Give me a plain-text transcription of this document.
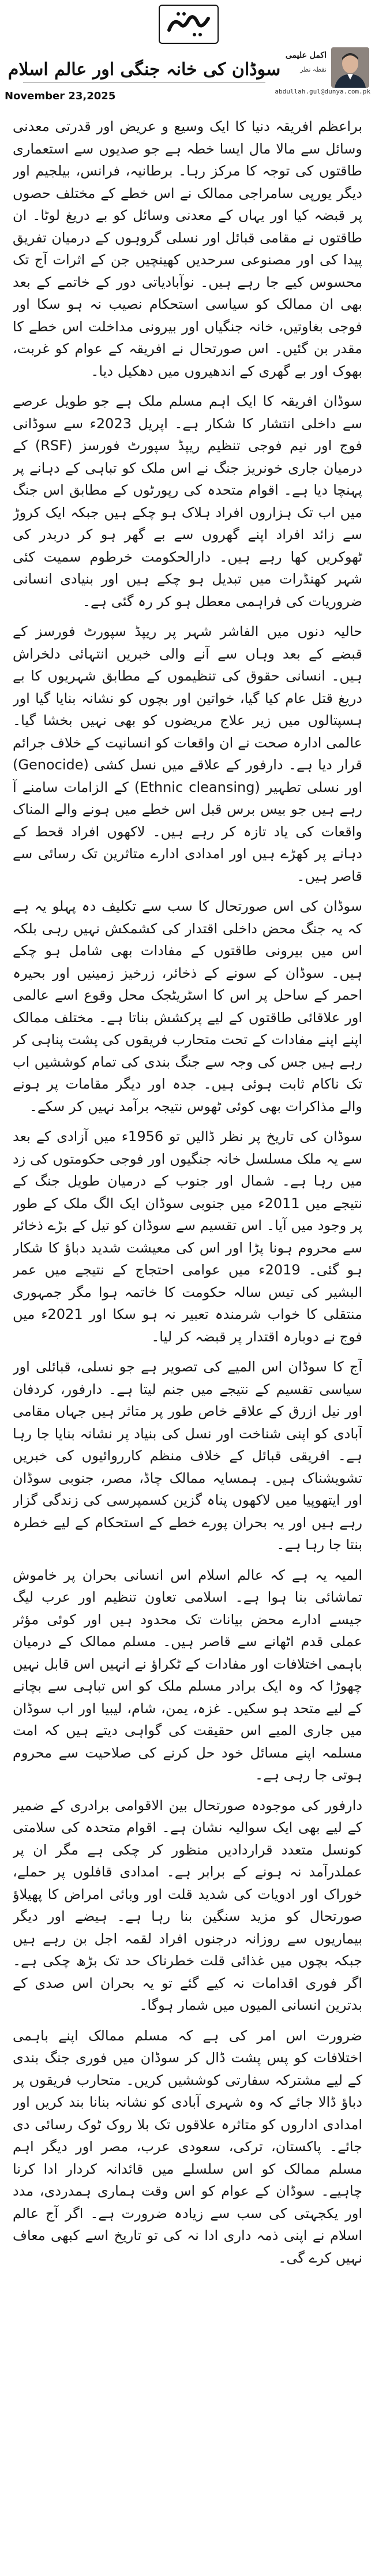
سوڈان کی خانہ جنگی اور عالم اسلام
اکمل علیمی
نقطہ نظر
abdullah.gul@dunya.com.pk
November 23,2025

براعظم افریقہ دنیا کا ایک وسیع و عریض اور قدرتی معدنی وسائل سے مالا مال ایسا خطہ ہے جو صدیوں سے استعماری طاقتوں کی توجہ کا مرکز رہا۔ برطانیہ، فرانس، بیلجیم اور دیگر یورپی سامراجی ممالک نے اس خطے کے مختلف حصوں پر قبضہ کیا اور یہاں کے معدنی وسائل کو بے دریغ لوٹا۔ ان طاقتوں نے مقامی قبائل اور نسلی گروہوں کے درمیان تفریق پیدا کی اور مصنوعی سرحدیں کھینچیں جن کے اثرات آج تک محسوس کیے جا رہے ہیں۔ نوآبادیاتی دور کے خاتمے کے بعد بھی ان ممالک کو سیاسی استحکام نصیب نہ ہو سکا اور فوجی بغاوتیں، خانہ جنگیاں اور بیرونی مداخلت اس خطے کا مقدر بن گئیں۔ اس صورتحال نے افریقہ کے عوام کو غربت، بھوک اور بے گھری کے اندھیروں میں دھکیل دیا۔

سوڈان افریقہ کا ایک اہم مسلم ملک ہے جو طویل عرصے سے داخلی انتشار کا شکار ہے۔ اپریل 2023ء سے سوڈانی فوج اور نیم فوجی تنظیم ریپڈ سپورٹ فورسز (RSF) کے درمیان جاری خونریز جنگ نے اس ملک کو تباہی کے دہانے پر پہنچا دیا ہے۔ اقوام متحدہ کی رپورٹوں کے مطابق اس جنگ میں اب تک ہزاروں افراد ہلاک ہو چکے ہیں جبکہ ایک کروڑ سے زائد افراد اپنے گھروں سے بے گھر ہو کر دربدر کی ٹھوکریں کھا رہے ہیں۔ دارالحکومت خرطوم سمیت کئی شہر کھنڈرات میں تبدیل ہو چکے ہیں اور بنیادی انسانی ضروریات کی فراہمی معطل ہو کر رہ گئی ہے۔

حالیہ دنوں میں الفاشر شہر پر ریپڈ سپورٹ فورسز کے قبضے کے بعد وہاں سے آنے والی خبریں انتہائی دلخراش ہیں۔ انسانی حقوق کی تنظیموں کے مطابق شہریوں کا بے دریغ قتل عام کیا گیا، خواتین اور بچوں کو نشانہ بنایا گیا اور ہسپتالوں میں زیر علاج مریضوں کو بھی نہیں بخشا گیا۔ عالمی ادارہ صحت نے ان واقعات کو انسانیت کے خلاف جرائم قرار دیا ہے۔ دارفور کے علاقے میں نسل کشی (Genocide) اور نسلی تطہیر (Ethnic cleansing) کے الزامات سامنے آ رہے ہیں جو بیس برس قبل اس خطے میں ہونے والے المناک واقعات کی یاد تازہ کر رہے ہیں۔ لاکھوں افراد قحط کے دہانے پر کھڑے ہیں اور امدادی ادارے متاثرین تک رسائی سے قاصر ہیں۔

سوڈان کی اس صورتحال کا سب سے تکلیف دہ پہلو یہ ہے کہ یہ جنگ محض داخلی اقتدار کی کشمکش نہیں رہی بلکہ اس میں بیرونی طاقتوں کے مفادات بھی شامل ہو چکے ہیں۔ سوڈان کے سونے کے ذخائر، زرخیز زمینیں اور بحیرہ احمر کے ساحل پر اس کا اسٹریٹجک محل وقوع اسے عالمی اور علاقائی طاقتوں کے لیے پرکشش بناتا ہے۔ مختلف ممالک اپنے اپنے مفادات کے تحت متحارب فریقوں کی پشت پناہی کر رہے ہیں جس کی وجہ سے جنگ بندی کی تمام کوششیں اب تک ناکام ثابت ہوئی ہیں۔ جدہ اور دیگر مقامات پر ہونے والے مذاکرات بھی کوئی ٹھوس نتیجہ برآمد نہیں کر سکے۔

سوڈان کی تاریخ پر نظر ڈالیں تو 1956ء میں آزادی کے بعد سے یہ ملک مسلسل خانہ جنگیوں اور فوجی حکومتوں کی زد میں رہا ہے۔ شمال اور جنوب کے درمیان طویل جنگ کے نتیجے میں 2011ء میں جنوبی سوڈان ایک الگ ملک کے طور پر وجود میں آیا۔ اس تقسیم سے سوڈان کو تیل کے بڑے ذخائر سے محروم ہونا پڑا اور اس کی معیشت شدید دباؤ کا شکار ہو گئی۔ 2019ء میں عوامی احتجاج کے نتیجے میں عمر البشیر کی تیس سالہ حکومت کا خاتمہ ہوا مگر جمہوری منتقلی کا خواب شرمندہ تعبیر نہ ہو سکا اور 2021ء میں فوج نے دوبارہ اقتدار پر قبضہ کر لیا۔

آج کا سوڈان اس المیے کی تصویر ہے جو نسلی، قبائلی اور سیاسی تقسیم کے نتیجے میں جنم لیتا ہے۔ دارفور، کردفان اور نیل ازرق کے علاقے خاص طور پر متاثر ہیں جہاں مقامی آبادی کو اپنی شناخت اور نسل کی بنیاد پر نشانہ بنایا جا رہا ہے۔ افریقی قبائل کے خلاف منظم کارروائیوں کی خبریں تشویشناک ہیں۔ ہمسایہ ممالک چاڈ، مصر، جنوبی سوڈان اور ایتھوپیا میں لاکھوں پناہ گزین کسمپرسی کی زندگی گزار رہے ہیں اور یہ بحران پورے خطے کے استحکام کے لیے خطرہ بنتا جا رہا ہے۔

المیہ یہ ہے کہ عالم اسلام اس انسانی بحران پر خاموش تماشائی بنا ہوا ہے۔ اسلامی تعاون تنظیم اور عرب لیگ جیسے ادارے محض بیانات تک محدود ہیں اور کوئی مؤثر عملی قدم اٹھانے سے قاصر ہیں۔ مسلم ممالک کے درمیان باہمی اختلافات اور مفادات کے ٹکراؤ نے انہیں اس قابل نہیں چھوڑا کہ وہ ایک برادر مسلم ملک کو اس تباہی سے بچانے کے لیے متحد ہو سکیں۔ غزہ، یمن، شام، لیبیا اور اب سوڈان میں جاری المیے اس حقیقت کی گواہی دیتے ہیں کہ امت مسلمہ اپنے مسائل خود حل کرنے کی صلاحیت سے محروم ہوتی جا رہی ہے۔

دارفور کی موجودہ صورتحال بین الاقوامی برادری کے ضمیر کے لیے بھی ایک سوالیہ نشان ہے۔ اقوام متحدہ کی سلامتی کونسل متعدد قراردادیں منظور کر چکی ہے مگر ان پر عملدرآمد نہ ہونے کے برابر ہے۔ امدادی قافلوں پر حملے، خوراک اور ادویات کی شدید قلت اور وبائی امراض کا پھیلاؤ صورتحال کو مزید سنگین بنا رہا ہے۔ ہیضے اور دیگر بیماریوں سے روزانہ درجنوں افراد لقمہ اجل بن رہے ہیں جبکہ بچوں میں غذائی قلت خطرناک حد تک بڑھ چکی ہے۔ اگر فوری اقدامات نہ کیے گئے تو یہ بحران اس صدی کے بدترین انسانی المیوں میں شمار ہوگا۔

ضرورت اس امر کی ہے کہ مسلم ممالک اپنے باہمی اختلافات کو پس پشت ڈال کر سوڈان میں فوری جنگ بندی کے لیے مشترکہ سفارتی کوششیں کریں۔ متحارب فریقوں پر دباؤ ڈالا جائے کہ وہ شہری آبادی کو نشانہ بنانا بند کریں اور امدادی اداروں کو متاثرہ علاقوں تک بلا روک ٹوک رسائی دی جائے۔ پاکستان، ترکی، سعودی عرب، مصر اور دیگر اہم مسلم ممالک کو اس سلسلے میں قائدانہ کردار ادا کرنا چاہیے۔ سوڈان کے عوام کو اس وقت ہماری ہمدردی، مدد اور یکجہتی کی سب سے زیادہ ضرورت ہے۔ اگر آج عالم اسلام نے اپنی ذمہ داری ادا نہ کی تو تاریخ اسے کبھی معاف نہیں کرے گی۔
